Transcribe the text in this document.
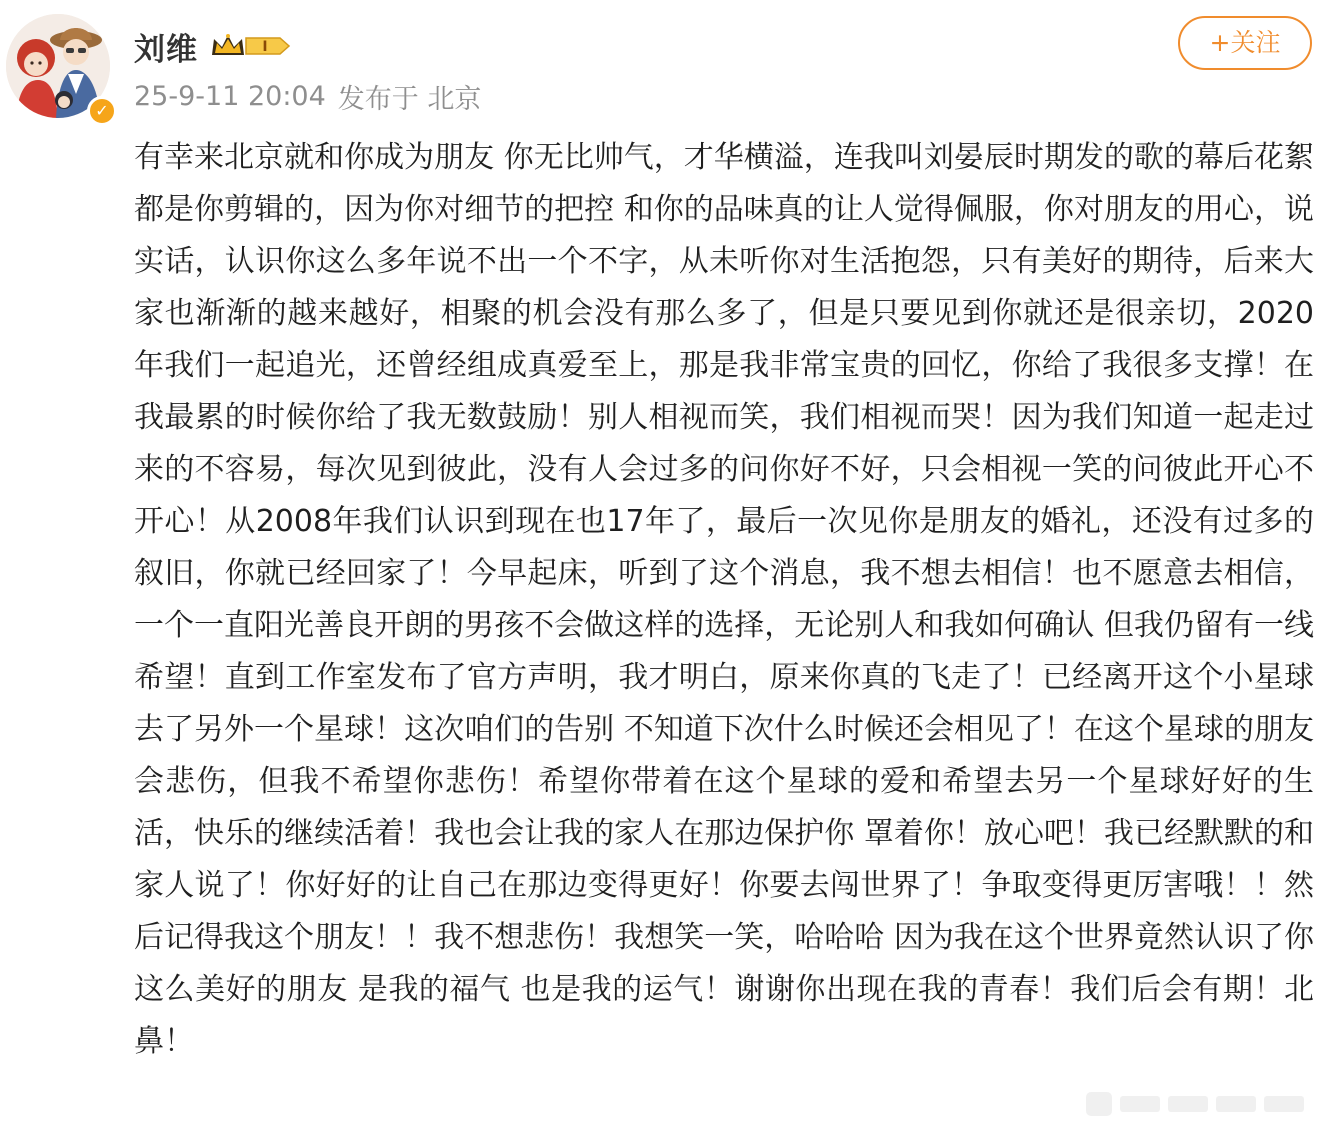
✓
刘维	I
25-9-11 20:04 发布于 北京
+关注

有幸来北京就和你成为朋友 你无比帅气，才华横溢，连我叫刘晏辰时期发的歌的幕后花絮都是你剪辑的，因为你对细节的把控 和你的品味真的让人觉得佩服，你对朋友的用心，说实话，认识你这么多年说不出一个不字，从未听你对生活抱怨，只有美好的期待，后来大家也渐渐的越来越好，相聚的机会没有那么多了，但是只要见到你就还是很亲切，2020年我们一起追光，还曾经组成真爱至上，那是我非常宝贵的回忆，你给了我很多支撑！在我最累的时候你给了我无数鼓励！别人相视而笑，我们相视而哭！因为我们知道一起走过来的不容易，每次见到彼此，没有人会过多的问你好不好，只会相视一笑的问彼此开心不开心！从2008年我们认识到现在也17年了，最后一次见你是朋友的婚礼，还没有过多的叙旧，你就已经回家了！今早起床，听到了这个消息，我不想去相信！也不愿意去相信，一个一直阳光善良开朗的男孩不会做这样的选择，无论别人和我如何确认 但我仍留有一线希望！直到工作室发布了官方声明，我才明白，原来你真的飞走了！已经离开这个小星球 去了另外一个星球！这次咱们的告别 不知道下次什么时候还会相见了！在这个星球的朋友会悲伤，但我不希望你悲伤！希望你带着在这个星球的爱和希望去另一个星球好好的生活，快乐的继续活着！我也会让我的家人在那边保护你 罩着你！放心吧！我已经默默的和家人说了！你好好的让自己在那边变得更好！你要去闯世界了！争取变得更厉害哦！！然后记得我这个朋友！！我不想悲伤！我想笑一笑，哈哈哈 因为我在这个世界竟然认识了你这么美好的朋友 是我的福气 也是我的运气！谢谢你出现在我的青春！我们后会有期！北鼻！
